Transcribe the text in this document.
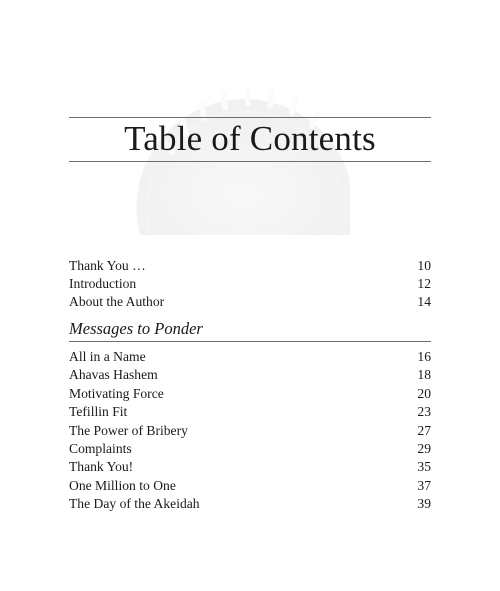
Table of Contents
Thank You …	10
Introduction	12
About the Author	14
Messages to Ponder
All in a Name	16
Ahavas Hashem	18
Motivating Force	20
Tefillin Fit	23
The Power of Bribery	27
Complaints	29
Thank You!	35
One Million to One	37
The Day of the Akeidah	39
